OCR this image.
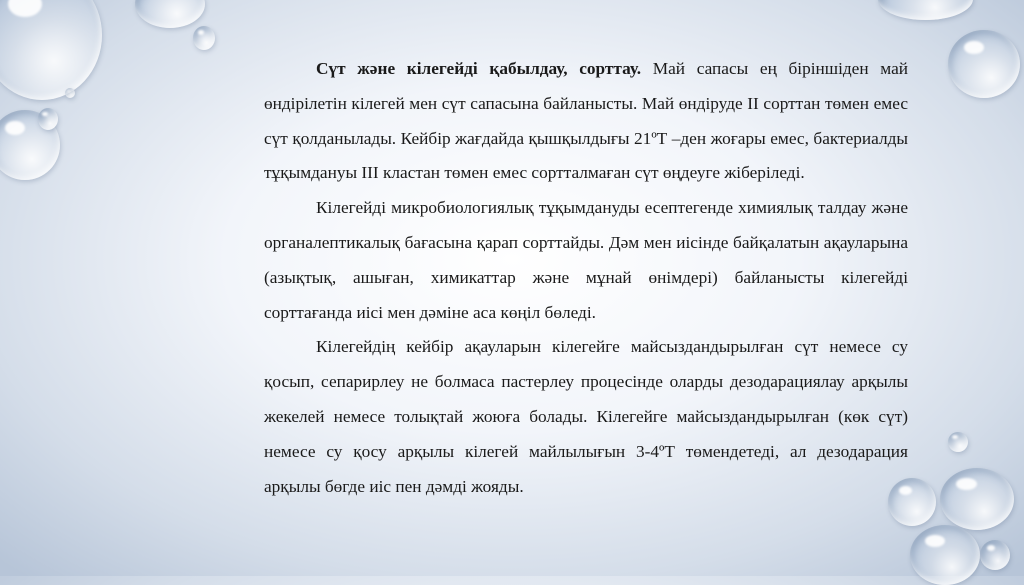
Сүт және кілегейді қабылдау, сорттау. Май сапасы ең біріншіден май өндірілетін кілегей мен сүт сапасына байланысты. Май өндіруде ІІ сорттан төмен емес сүт қолданылады. Кейбір жағдайда қышқылдығы 21ºТ –ден жоғары емес, бактериалды тұқымдануы ІІІ кластан төмен емес сортталмаған сүт өңдеуге жіберіледі.

Кілегейді микробиологиялық тұқымдануды есептегенде химиялық талдау және органалептикалық бағасына қарап сорттайды. Дәм мен иісінде байқалатын ақауларына (азықтық, ашыған, химикаттар және мұнай өнімдері) байланысты кілегейді сорттағанда иісі мен дәміне аса көңіл бөледі.

Кілегейдің кейбір ақауларын кілегейге майсыздандырылған сүт немесе су қосып, сепарирлеу не болмаса пастерлеу процесінде оларды дезодарациялау арқылы жекелей немесе толықтай жоюға болады. Кілегейге майсыздандырылған (көк сүт) немесе су қосу арқылы кілегей майлылығын 3-4ºТ төмендетеді, ал дезодарация арқылы бөгде иіс пен дәмді жояды.
